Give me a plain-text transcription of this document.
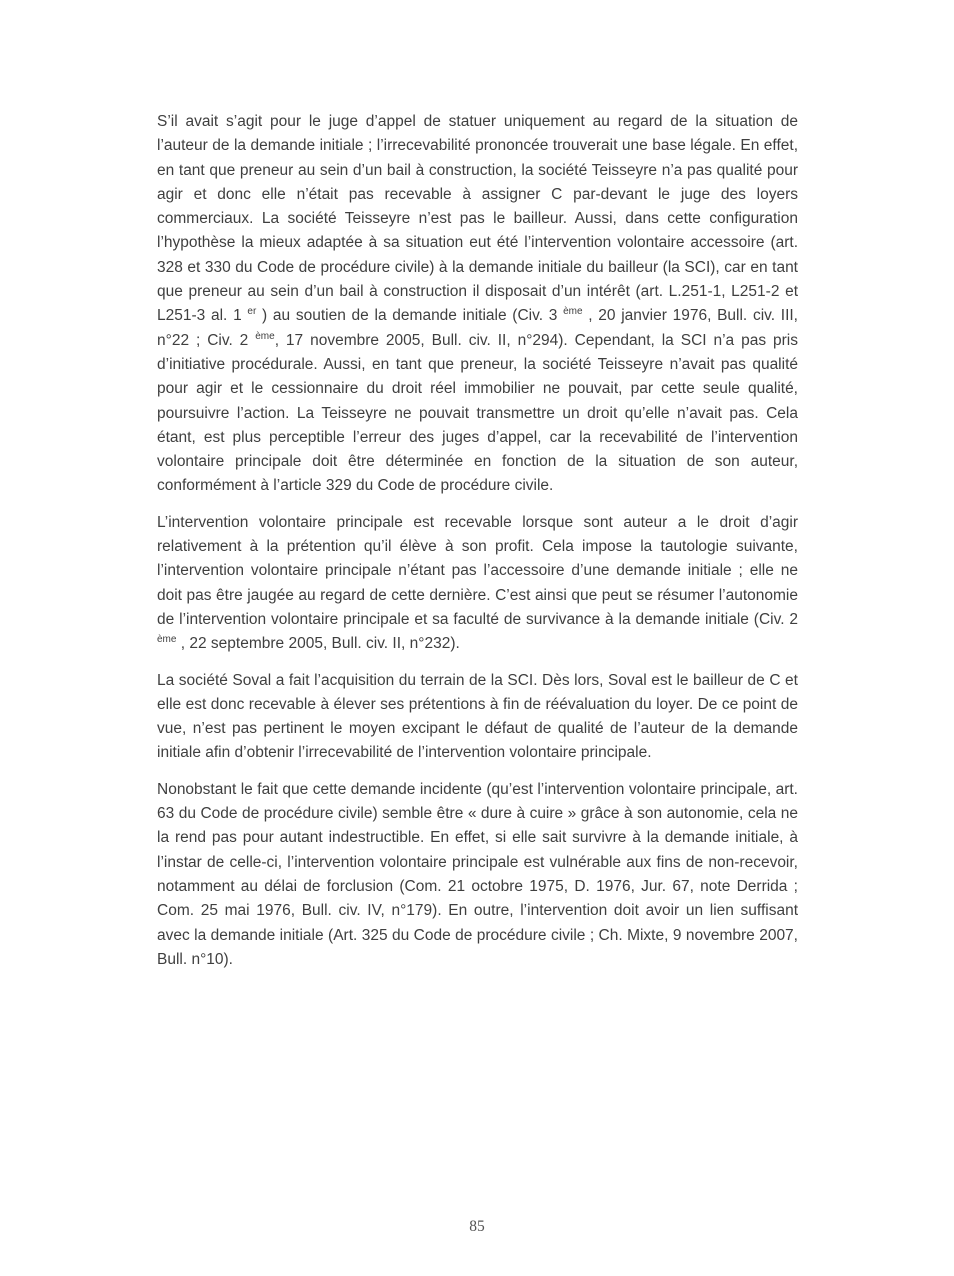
S’il avait s’agit pour le juge d’appel de statuer uniquement au regard de la situation de l’auteur de la demande initiale ; l’irrecevabilité prononcée trouverait une base légale. En effet, en tant que preneur au sein d’un bail à construction, la société Teisseyre n’a pas qualité pour agir et donc elle n’était pas recevable à assigner C par-devant le juge des loyers commerciaux. La société Teisseyre n’est pas le bailleur. Aussi, dans cette configuration l’hypothèse la mieux adaptée à sa situation eut été l’intervention volontaire accessoire (art. 328 et 330 du Code de procédure civile) à la demande initiale du bailleur (la SCI), car en tant que preneur au sein d’un bail à construction il disposait d’un intérêt (art. L.251-1, L251-2 et L251-3 al. 1 $^{er}$ ) au soutien de la demande initiale (Civ. 3 $^{ème}$ , 20 janvier 1976, Bull. civ. III, n°22 ; Civ. 2 $^{ème}$, 17 novembre 2005, Bull. civ. II, n°294). Cependant, la SCI n’a pas pris d’initiative procédurale. Aussi, en tant que preneur, la société Teisseyre n’avait pas qualité pour agir et le cessionnaire du droit réel immobilier ne pouvait, par cette seule qualité, poursuivre l’action. La Teisseyre ne pouvait transmettre un droit qu’elle n’avait pas. Cela étant, est plus perceptible l’erreur des juges d’appel, car la recevabilité de l’intervention volontaire principale doit être déterminée en fonction de la situation de son auteur, conformément à l’article 329 du Code de procédure civile.

L’intervention volontaire principale est recevable lorsque sont auteur a le droit d’agir relativement à la prétention qu’il élève à son profit. Cela impose la tautologie suivante, l’intervention volontaire principale n’étant pas l’accessoire d’une demande initiale ; elle ne doit pas être jaugée au regard de cette dernière. C’est ainsi que peut se résumer l’autonomie de l’intervention volontaire principale et sa faculté de survivance à la demande initiale (Civ. 2 $^{ème}$ , 22 septembre 2005, Bull. civ. II, n°232).

La société Soval a fait l’acquisition du terrain de la SCI. Dès lors, Soval est le bailleur de C et elle est donc recevable à élever ses prétentions à fin de réévaluation du loyer. De ce point de vue, n’est pas pertinent le moyen excipant le défaut de qualité de l’auteur de la demande initiale afin d’obtenir l’irrecevabilité de l’intervention volontaire principale.

Nonobstant le fait que cette demande incidente (qu’est l’intervention volontaire principale, art. 63 du Code de procédure civile) semble être « dure à cuire » grâce à son autonomie, cela ne la rend pas pour autant indestructible. En effet, si elle sait survivre à la demande initiale, à l’instar de celle-ci, l’intervention volontaire principale est vulnérable aux fins de non-recevoir, notamment au délai de forclusion (Com. 21 octobre 1975, D. 1976, Jur. 67, note Derrida ; Com. 25 mai 1976, Bull. civ. IV, n°179). En outre, l’intervention doit avoir un lien suffisant avec la demande initiale (Art. 325 du Code de procédure civile ; Ch. Mixte, 9 novembre 2007, Bull. n°10).

85
